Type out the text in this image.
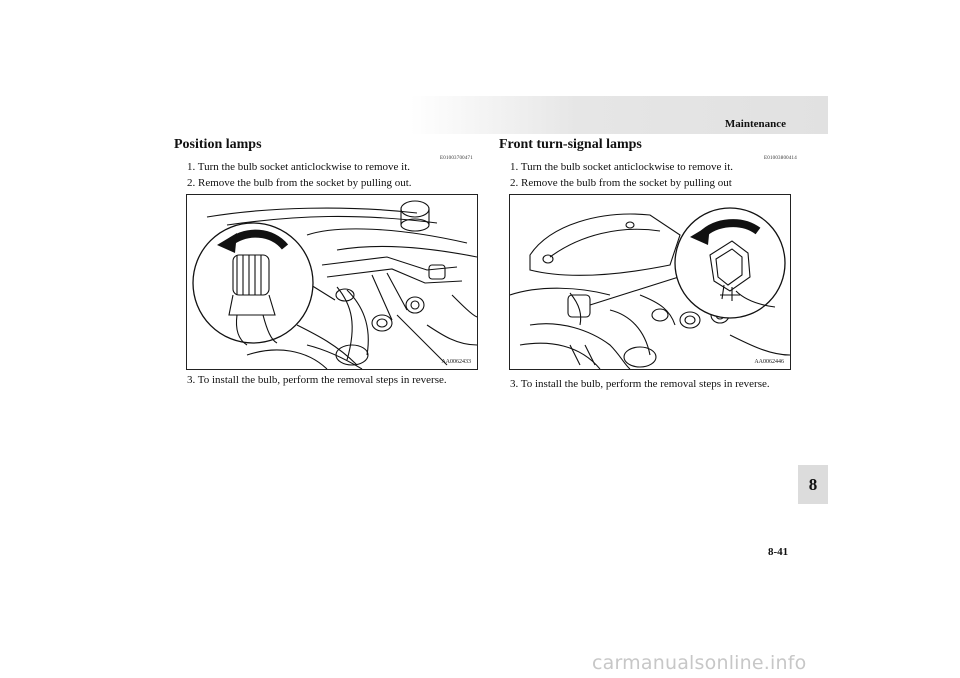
Maintenance
Position lamps
E01003700471
1. Turn the bulb socket anticlockwise to remove it.
2. Remove the bulb from the socket by pulling out.
AA0062433
3. To install the bulb, perform the removal steps in reverse.
Front turn-signal lamps
E01003800414
1. Turn the bulb socket anticlockwise to remove it.
2. Remove the bulb from the socket by pulling out
AA0062446
3. To install the bulb, perform the removal steps in reverse.
8
8-41
carmanualsonline.info
